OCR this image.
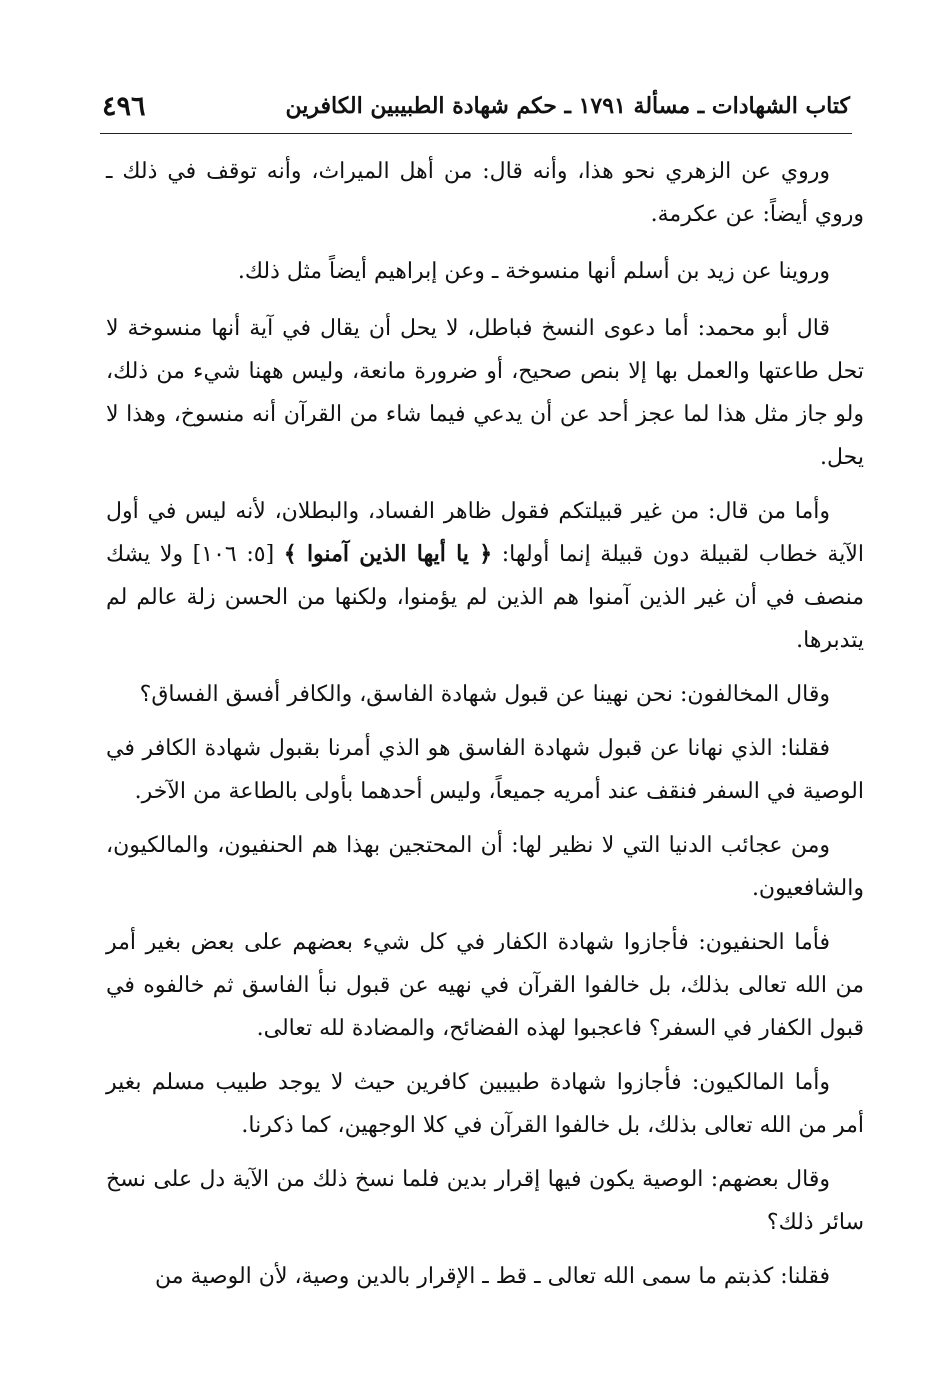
كتاب الشهادات ـ مسألة ١٧٩١ ـ حكم شهادة الطبيبين الكافرين
٤٩٦

وروي عن الزهري نحو هذا، وأنه قال: من أهل الميراث، وأنه توقف في ذلك ـ وروي أيضاً: عن عكرمة.

وروينا عن زيد بن أسلم أنها منسوخة ـ وعن إبراهيم أيضاً مثل ذلك.

قال أبو محمد: أما دعوى النسخ فباطل، لا يحل أن يقال في آية أنها منسوخة لا تحل طاعتها والعمل بها إلا بنص صحيح، أو ضرورة مانعة، وليس ههنا شيء من ذلك، ولو جاز مثل هذا لما عجز أحد عن أن يدعي فيما شاء من القرآن أنه منسوخ، وهذا لا يحل.

وأما من قال: من غير قبيلتكم فقول ظاهر الفساد، والبطلان، لأنه ليس في أول الآية خطاب لقبيلة دون قبيلة إنما أولها: ﴿ يا أيها الذين آمنوا ﴾ [٥: ١٠٦] ولا يشك منصف في أن غير الذين آمنوا هم الذين لم يؤمنوا، ولكنها من الحسن زلة عالم لم يتدبرها.

وقال المخالفون: نحن نهينا عن قبول شهادة الفاسق، والكافر أفسق الفساق؟

فقلنا: الذي نهانا عن قبول شهادة الفاسق هو الذي أمرنا بقبول شهادة الكافر في الوصية في السفر فنقف عند أمريه جميعاً، وليس أحدهما بأولى بالطاعة من الآخر.

ومن عجائب الدنيا التي لا نظير لها: أن المحتجين بهذا هم الحنفيون، والمالكيون، والشافعيون.

فأما الحنفيون: فأجازوا شهادة الكفار في كل شيء بعضهم على بعض بغير أمر من الله تعالى بذلك، بل خالفوا القرآن في نهيه عن قبول نبأ الفاسق ثم خالفوه في قبول الكفار في السفر؟ فاعجبوا لهذه الفضائح، والمضادة لله تعالى.

وأما المالكيون: فأجازوا شهادة طبيبين كافرين حيث لا يوجد طبيب مسلم بغير أمر من الله تعالى بذلك، بل خالفوا القرآن في كلا الوجهين، كما ذكرنا.

وقال بعضهم: الوصية يكون فيها إقرار بدين فلما نسخ ذلك من الآية دل على نسخ سائر ذلك؟

فقلنا: كذبتم ما سمى الله تعالى ـ قط ـ الإقرار بالدين وصية، لأن الوصية من
